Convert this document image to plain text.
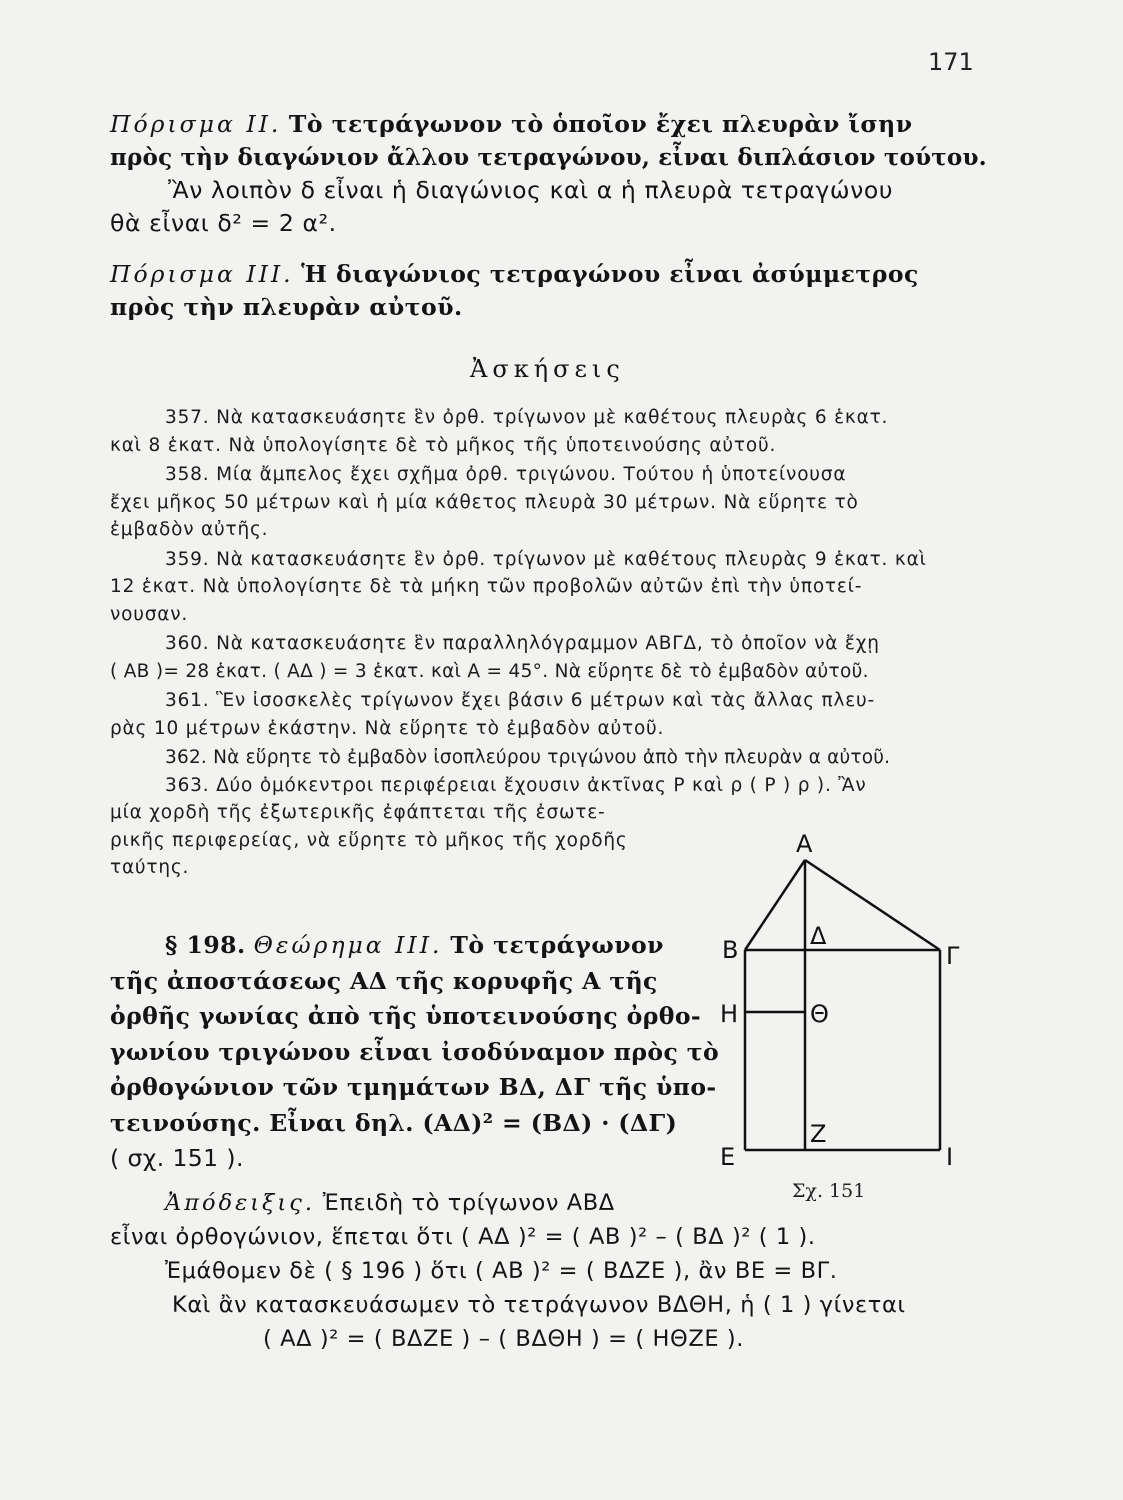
171
Πόρισμα ΙΙ. Τὸ τετράγωνον τὸ ὁποῖον ἔχει πλευρὰν ἴσην
πρὸς τὴν διαγώνιον ἄλλου τετραγώνου, εἶναι διπλάσιον τούτου.
Ἂν λοιπὸν δ εἶναι ἡ διαγώνιος καὶ α ἡ πλευρὰ τετραγώνου
θὰ εἶναι δ² = 2 α².
Πόρισμα ΙΙΙ. Ἡ διαγώνιος τετραγώνου εἶναι ἀσύμμετρος
πρὸς τὴν πλευρὰν αὐτοῦ.
Ἀσκήσεις
357. Νὰ κατασκευάσητε ἓν ὀρθ. τρίγωνον μὲ καθέτους πλευρὰς 6 ἑκατ.
καὶ 8 ἑκατ. Νὰ ὑπολογίσητε δὲ τὸ μῆκος τῆς ὑποτεινούσης αὐτοῦ.
358. Μία ἄμπελος ἔχει σχῆμα ὀρθ. τριγώνου. Τούτου ἡ ὑποτείνουσα
ἔχει μῆκος 50 μέτρων καὶ ἡ μία κάθετος πλευρὰ 30 μέτρων. Νὰ εὕρητε τὸ
ἐμβαδὸν αὐτῆς.
359. Νὰ κατασκευάσητε ἓν ὀρθ. τρίγωνον μὲ καθέτους πλευρὰς 9 ἑκατ. καὶ
12 ἑκατ. Νὰ ὑπολογίσητε δὲ τὰ μήκη τῶν προβολῶν αὐτῶν ἐπὶ τὴν ὑποτεί-
νουσαν.
360. Νὰ κατασκευάσητε ἓν παραλληλόγραμμον ΑΒΓΔ, τὸ ὁποῖον νὰ ἔχῃ
( ΑΒ )= 28 ἑκατ. ( ΑΔ ) = 3 ἑκατ. καὶ Α = 45°. Νὰ εὕρητε δὲ τὸ ἐμβαδὸν αὐτοῦ.
361. Ἓν ἰσοσκελὲς τρίγωνον ἔχει βάσιν 6 μέτρων καὶ τὰς ἄλλας πλευ-
ρὰς 10 μέτρων ἑκάστην. Νὰ εὕρητε τὸ ἐμβαδὸν αὐτοῦ.
362. Νὰ εὕρητε τὸ ἐμβαδὸν ἰσοπλεύρου τριγώνου ἀπὸ τὴν πλευρὰν α αὐτοῦ.
363. Δύο ὁμόκεντροι περιφέρειαι ἔχουσιν ἀκτῖνας Ρ καὶ ρ ( Ρ ) ρ ). Ἂν
μία χορδὴ τῆς ἐξωτερικῆς ἐφάπτεται τῆς ἐσωτε-
ρικῆς περιφερείας, νὰ εὕρητε τὸ μῆκος τῆς χορδῆς
ταύτης.
§ 198. Θεώρημα ΙΙΙ. Τὸ τετράγωνον
τῆς ἀποστάσεως ΑΔ τῆς κορυφῆς Α τῆς
ὀρθῆς γωνίας ἀπὸ τῆς ὑποτεινούσης ὀρθο-
γωνίου τριγώνου εἶναι ἰσοδύναμον πρὸς τὸ
ὀρθογώνιον τῶν τμημάτων ΒΔ, ΔΓ τῆς ὑπο-
τεινούσης. Εἶναι δηλ. (ΑΔ)² = (ΒΔ) · (ΔΓ)
( σχ. 151 ).
Α
Β	Γ
Δ
Η	Θ
Ε
Ζ
Ι
Σχ. 151
Ἀπόδειξις. Ἐπειδὴ τὸ τρίγωνον ΑΒΔ
εἶναι ὀρθογώνιον, ἕπεται ὅτι ( ΑΔ )² = ( ΑΒ )² – ( ΒΔ )² ( 1 ).
Ἐμάθομεν δὲ ( § 196 ) ὅτι ( ΑΒ )² = ( ΒΔΖΕ ), ἂν ΒΕ = ΒΓ.
Καὶ ἂν κατασκευάσωμεν τὸ τετράγωνον ΒΔΘΗ, ἡ ( 1 ) γίνεται
( ΑΔ )² = ( ΒΔΖΕ ) – ( ΒΔΘΗ ) = ( ΗΘΖΕ ).
